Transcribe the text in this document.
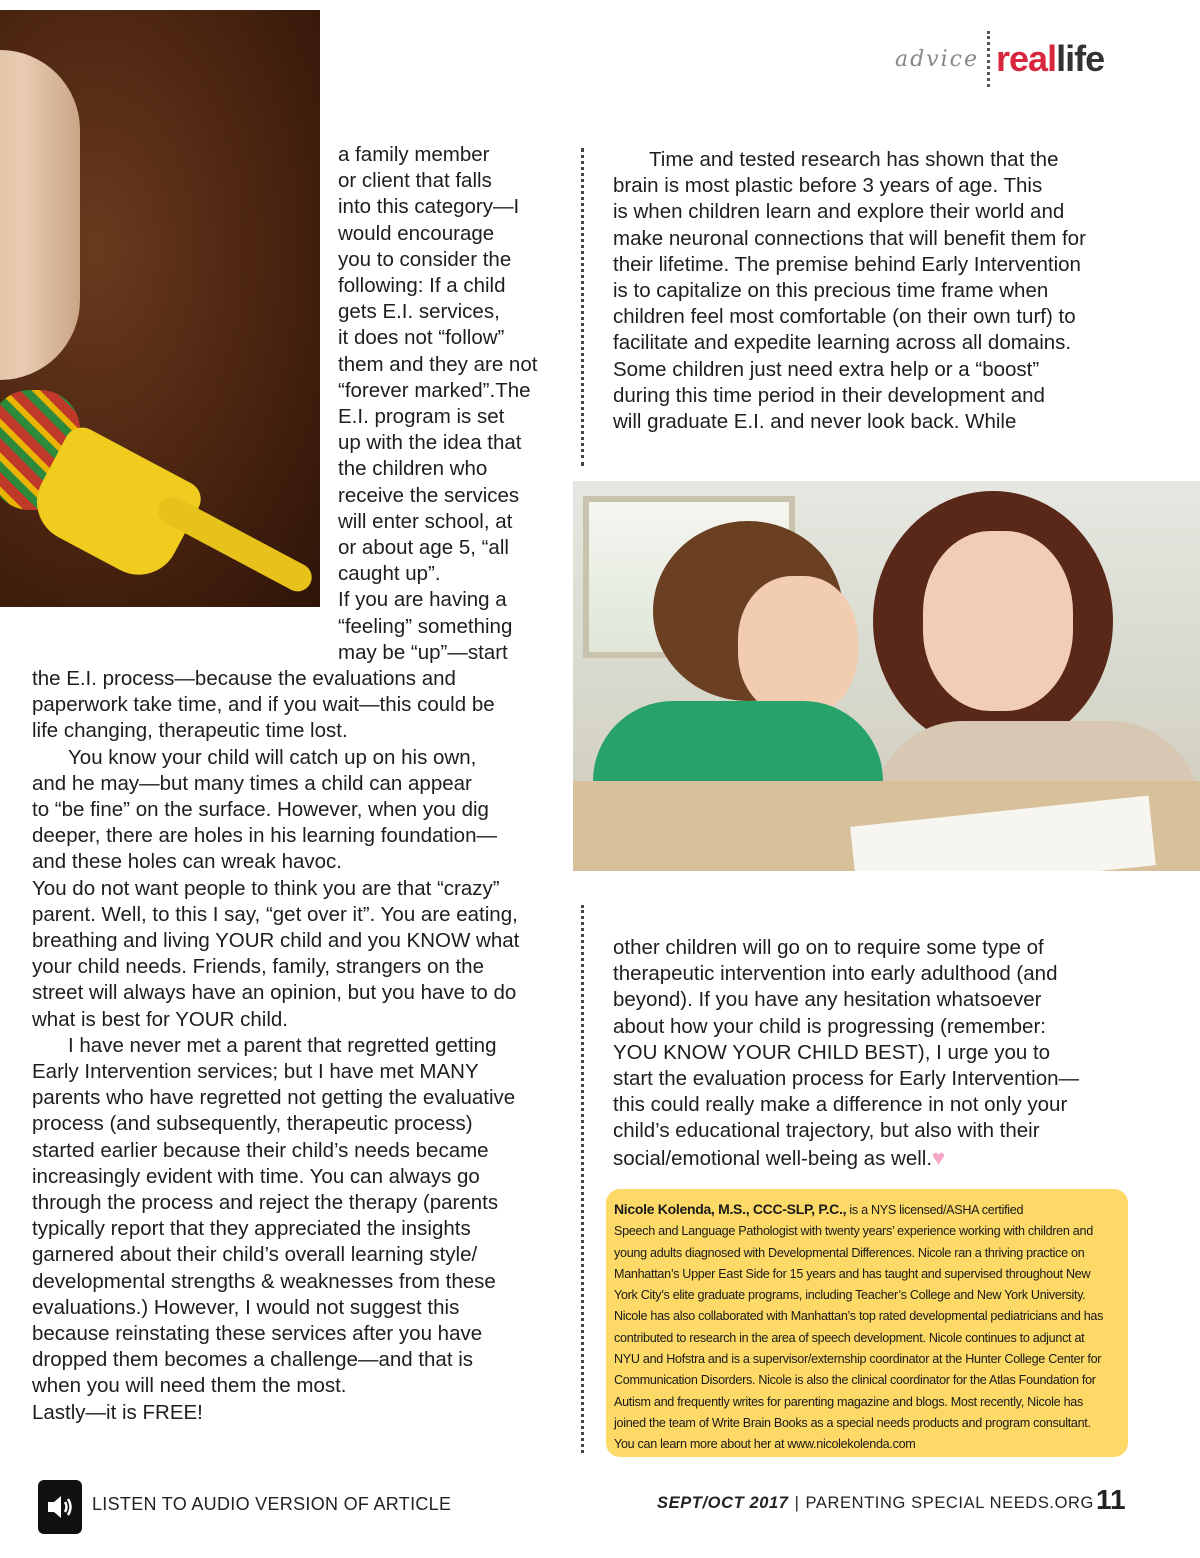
advice real life

a family member

or client that falls

into this category—I

would encourage

you to consider the

following: If a child

gets E.I. services,

it does not “follow”

them and they are not

“forever marked”.The

E.I. program is set

up with the idea that

the children who

receive the services

will enter school, at

or about age 5, “all

caught up”.

If you are having a

“feeling” something

may be “up”—start

the E.I. process—because the evaluations and

paperwork take time, and if you wait—this could be

life changing, therapeutic time lost.

You know your child will catch up on his own,

and he may—but many times a child can appear

to “be fine” on the surface. However, when you dig

deeper, there are holes in his learning foundation—

and these holes can wreak havoc.

You do not want people to think you are that “crazy”

parent. Well, to this I say, “get over it”. You are eating,

breathing and living YOUR child and you KNOW what

your child needs. Friends, family, strangers on the

street will always have an opinion, but you have to do

what is best for YOUR child.

I have never met a parent that regretted getting

Early Intervention services; but I have met MANY

parents who have regretted not getting the evaluative

process (and subsequently, therapeutic process)

started earlier because their child’s needs became

increasingly evident with time. You can always go

through the process and reject the therapy (parents

typically report that they appreciated the insights

garnered about their child’s overall learning style/

developmental strengths & weaknesses from these

evaluations.) However, I would not suggest this

because reinstating these services after you have

dropped them becomes a challenge—and that is

when you will need them the most.

Lastly—it is FREE!

Time and tested research has shown that the

brain is most plastic before 3 years of age. This

is when children learn and explore their world and

make neuronal connections that will benefit them for

their lifetime. The premise behind Early Intervention

is to capitalize on this precious time frame when

children feel most comfortable (on their own turf) to

facilitate and expedite learning across all domains.

Some children just need extra help or a “boost”

during this time period in their development and

will graduate E.I. and never look back. While

other children will go on to require some type of

therapeutic intervention into early adulthood (and

beyond). If you have any hesitation whatsoever

about how your child is progressing (remember:

YOU KNOW YOUR CHILD BEST), I urge you to

start the evaluation process for Early Intervention—

this could really make a difference in not only your

child’s educational trajectory, but also with their

social/emotional well-being as well.♥

Nicole Kolenda, M.S., CCC-SLP, P.C., is a NYS licensed/ASHA certified
Speech and Language Pathologist with twenty years’ experience working with children and
young adults diagnosed with Developmental Differences. Nicole ran a thriving practice on
Manhattan’s Upper East Side for 15 years and has taught and supervised throughout New
York City’s elite graduate programs, including Teacher’s College and New York University.
Nicole has also collaborated with Manhattan’s top rated developmental pediatricians and has
contributed to research in the area of speech development. Nicole continues to adjunct at
NYU and Hofstra and is a supervisor/externship coordinator at the Hunter College Center for
Communication Disorders. Nicole is also the clinical coordinator for the Atlas Foundation for
Autism and frequently writes for parenting magazine and blogs. Most recently, Nicole has
joined the team of Write Brain Books as a special needs products and program consultant.
You can learn more about her at www.nicolekolenda.com
LISTEN TO AUDIO VERSION OF ARTICLE	SEPT/OCT 2017 | PARENTING SPECIAL NEEDS.ORG 11
